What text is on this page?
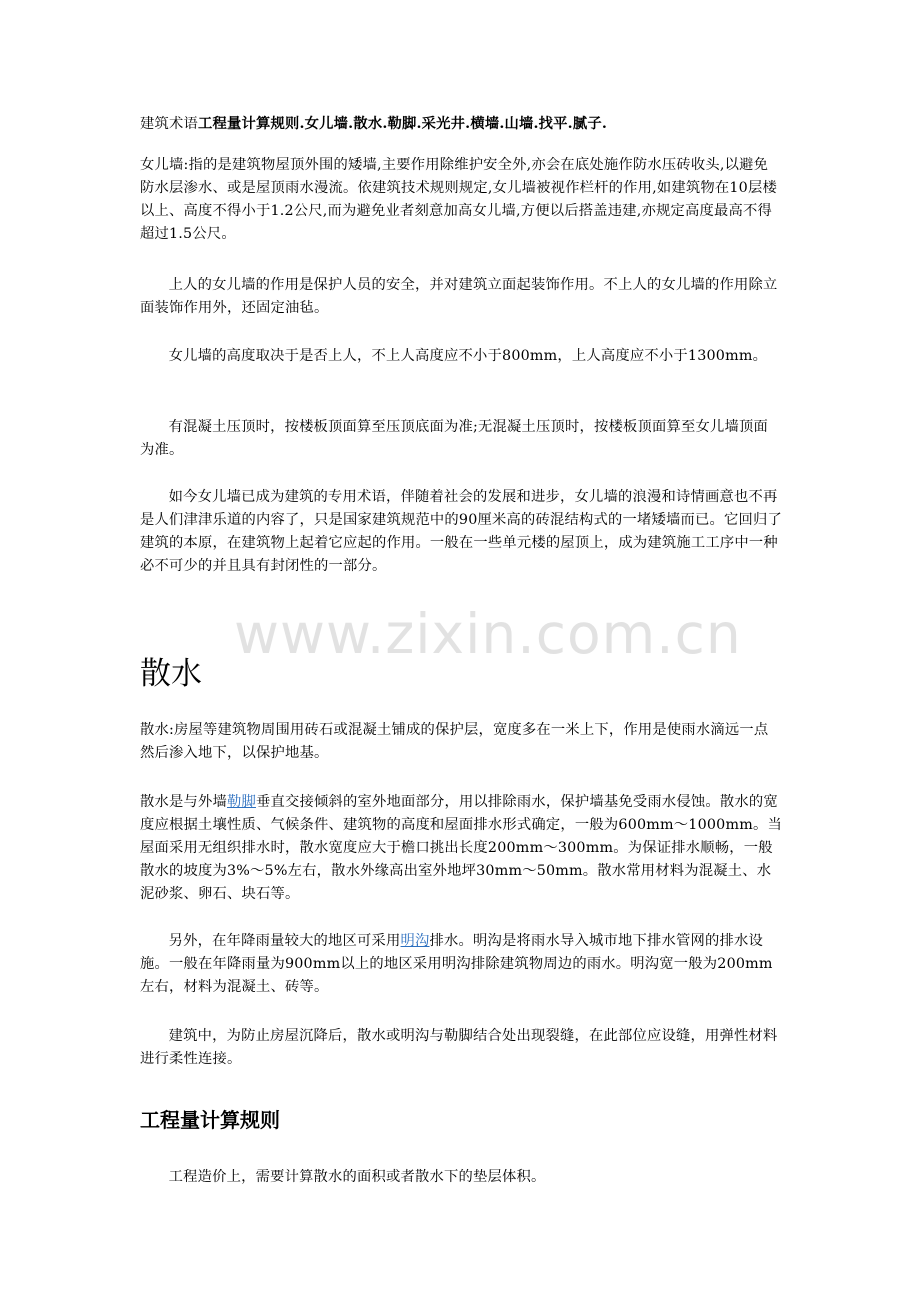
建筑术语工程量计算规则.女儿墙.散水.勒脚.采光井.横墙.山墙.找平.腻子.

女儿墙:指的是建筑物屋顶外围的矮墙,主要作用除维护安全外,亦会在底处施作防水压砖收头,以避免防水层渗水、或是屋顶雨水漫流。依建筑技术规则规定,女儿墙被视作栏杆的作用,如建筑物在10层楼以上、高度不得小于1.2公尺,而为避免业者刻意加高女儿墙,方便以后搭盖违建,亦规定高度最高不得超过1.5公尺。

上人的女儿墙的作用是保护人员的安全，并对建筑立面起装饰作用。不上人的女儿墙的作用除立面装饰作用外，还固定油毡。

女儿墙的高度取决于是否上人，不上人高度应不小于800mm，上人高度应不小于1300mm。

有混凝土压顶时，按楼板顶面算至压顶底面为准;无混凝土压顶时，按楼板顶面算至女儿墙顶面为准。

如今女儿墙已成为建筑的专用术语，伴随着社会的发展和进步，女儿墙的浪漫和诗情画意也不再是人们津津乐道的内容了，只是国家建筑规范中的90厘米高的砖混结构式的一堵矮墙而已。它回归了建筑的本原，在建筑物上起着它应起的作用。一般在一些单元楼的屋顶上，成为建筑施工工序中一种必不可少的并且具有封闭性的一部分。

散水

散水:房屋等建筑物周围用砖石或混凝土铺成的保护层，宽度多在一米上下，作用是使雨水滴远一点然后渗入地下，以保护地基。

散水是与外墙勒脚垂直交接倾斜的室外地面部分，用以排除雨水，保护墙基免受雨水侵蚀。散水的宽度应根据土壤性质、气候条件、建筑物的高度和屋面排水形式确定，一般为600mm～1000mm。当屋面采用无组织排水时，散水宽度应大于檐口挑出长度200mm～300mm。为保证排水顺畅，一般散水的坡度为3%～5%左右，散水外缘高出室外地坪30mm～50mm。散水常用材料为混凝土、水泥砂浆、卵石、块石等。

另外，在年降雨量较大的地区可采用明沟排水。明沟是将雨水导入城市地下排水管网的排水设施。一般在年降雨量为900mm以上的地区采用明沟排除建筑物周边的雨水。明沟宽一般为200mm左右，材料为混凝土、砖等。

建筑中，为防止房屋沉降后，散水或明沟与勒脚结合处出现裂缝，在此部位应设缝，用弹性材料进行柔性连接。

工程量计算规则

工程造价上，需要计算散水的面积或者散水下的垫层体积。

www.zixin.com.cn
